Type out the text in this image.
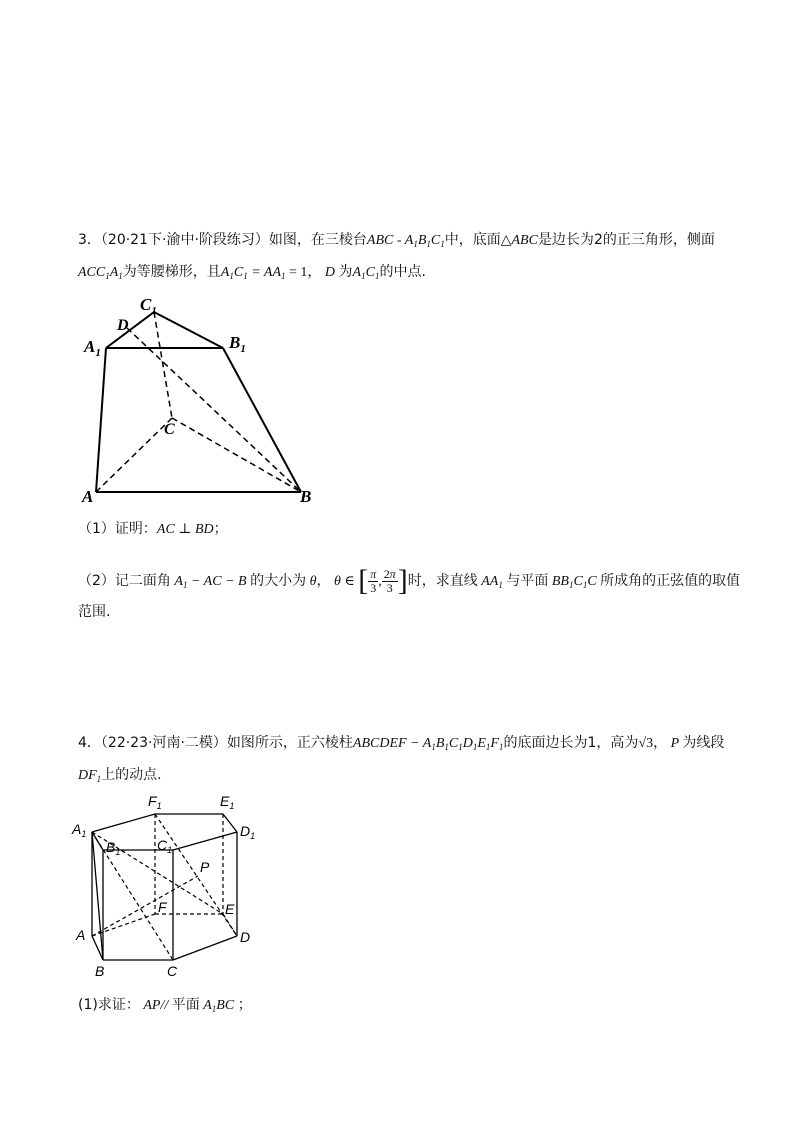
3．（20·21下·渝中·阶段练习）如图，在三棱台ABC - $A_1B_1C_1$中，底面△ABC是边长为2的正三角形，侧面
$ACC_1A_1$为等腰梯形，且$A_1C_1 = AA_1 = 1$， D 为$A_1C_1$的中点.
$C_1$
D
$A_1$
$B_1$
C
A	B
（1）证明：AC ⊥ BD；
（2）记二面角 $A_1$ − AC − B 的大小为 θ， θ ∈ [ $\frac{\pi}{3}$ , $\frac{2\pi}{3}$ ]时，求直线 $AA_1$ 与平面 $BB_1C_1C$ 所成角的正弦值的取值
范围.
4．（22·23·河南·二模）如图所示，正六棱柱ABCDEF − $A_1B_1C_1D_1E_1F_1$的底面边长为1，高为√3， P 为线段
$DF_1$上的动点.
$F_1$	$E_1$
$A_1$	$D_1$
$B_1$	$C_1$
P
F	E
A	D
B	C
(1)求证： AP// 平面 $A_1BC$ ；
